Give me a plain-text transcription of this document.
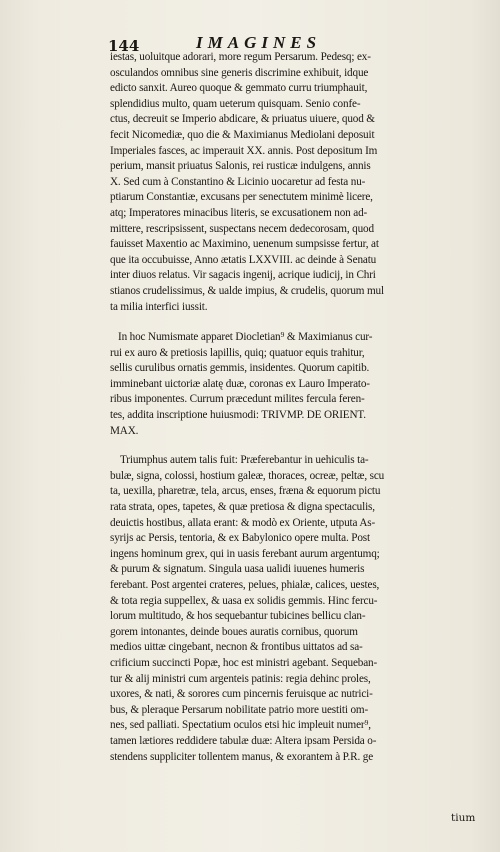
144	IMAGINES
iestas, uoluitque adorari, more regum Persarum. Pedesq; ex-
osculandos omnibus sine generis discrimine exhibuit, idque
edicto sanxit. Aureo quoque & gemmato curru triumphauit,
splendidius multo, quam ueterum quisquam. Senio confe-
ctus, decreuit se Imperio abdicare, & priuatus uiuere, quod &
fecit Nicomediæ, quo die & Maximianus Mediolani deposuit
Imperiales fasces, ac imperauit XX. annis. Post depositum Im
perium, mansit priuatus Salonis, rei rusticæ indulgens, annis
X. Sed cum à Constantino & Licinio uocaretur ad festa nu-
ptiarum Constantiæ, excusans per senectutem minimè licere,
atq; Imperatores minacibus literis, se excusationem non ad-
mittere, rescripsissent, suspectans necem dedecorosam, quod
fauisset Maxentio ac Maximino, uenenum sumpsisse fertur, at
que ita occubuisse, Anno ætatis LXXVIII. ac deinde à Senatu
inter diuos relatus. Vir sagacis ingenij, acrique iudicij, in Chri
stianos crudelissimus, & ualde impius, & crudelis, quorum mul
ta milia interfici iussit.
In hoc Numismate apparet Diocletian⁹ & Maximianus cur-
rui ex auro & pretiosis lapillis, quiq; quatuor equis trahitur,
sellis curulibus ornatis gemmis, insidentes. Quorum capitib.
imminebant uictoriæ alatę duæ, coronas ex Lauro Imperato-
ribus imponentes. Currum præcedunt milites fercula feren-
tes, addita inscriptione huiusmodi: TRIVMP. DE ORIENT.
MAX.
Triumphus autem talis fuit: Præferebantur in uehiculis ta-
bulæ, signa, colossi, hostium galeæ, thoraces, ocreæ, peltæ, scu
ta, uexilla, pharetræ, tela, arcus, enses, fræna & equorum pictu
rata strata, opes, tapetes, & quæ pretiosa & digna spectaculis,
deuictis hostibus, allata erant: & modò ex Oriente, utputa As-
syrijs ac Persis, tentoria, & ex Babylonico opere multa. Post
ingens hominum grex, qui in uasis ferebant aurum argentumq;
& purum & signatum. Singula uasa ualidi iuuenes humeris
ferebant. Post argentei crateres, pelues, phialæ, calices, uestes,
& tota regia suppellex, & uasa ex solidis gemmis. Hinc fercu-
lorum multitudo, & hos sequebantur tubicines bellicu clan-
gorem intonantes, deinde boues auratis cornibus, quorum
medios uittæ cingebant, necnon & frontibus uittatos ad sa-
crificium succincti Popæ, hoc est ministri agebant. Sequeban-
tur & alij ministri cum argenteis patinis: regia dehinc proles,
uxores, & nati, & sorores cum pincernis feruisque ac nutrici-
bus, & pleraque Persarum nobilitate patrio more uestiti om-
nes, sed palliati. Spectatium oculos etsi hic impleuit numer⁹,
tamen lætiores reddidere tabulæ duæ: Altera ipsam Persida o-
stendens suppliciter tollentem manus, & exorantem à P.R. ge
tium
